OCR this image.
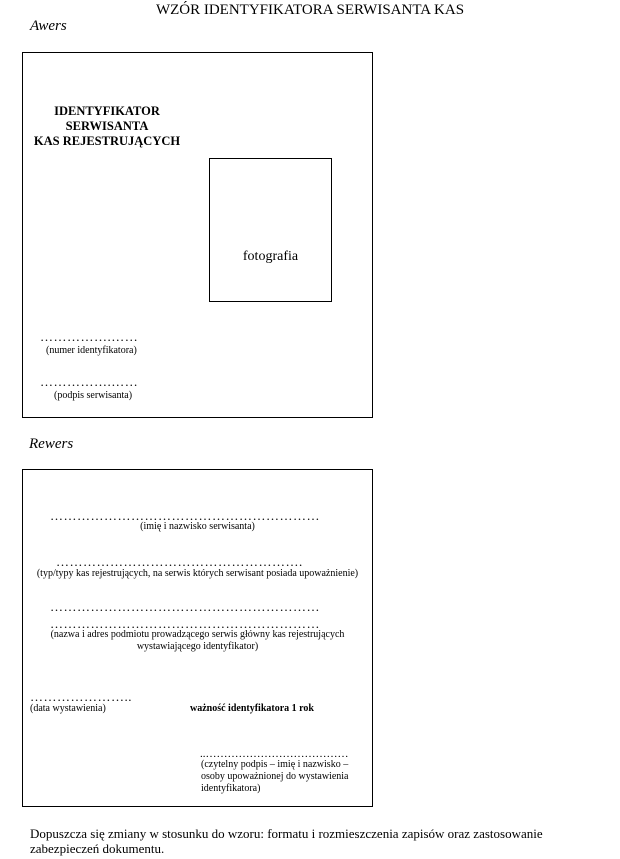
WZÓR IDENTYFIKATORA SERWISANTA KAS
Awers
IDENTYFIKATOR
SERWISANTA
KAS REJESTRUJĄCYCH
fotografia
…………….……
(numer identyfikatora)
…………….……
(podpis serwisanta)
Rewers
……………………………………………………
(imię i nazwisko serwisanta)
……………………………………………….
(typ/typy kas rejestrujących, na serwis których serwisant posiada upoważnienie)
……………………………………………………
……………………………………………………
(nazwa i adres podmiotu prowadzącego serwis główny kas rejestrujących
wystawiającego identyfikator)
…………………..
(data wystawienia)	ważność identyfikatora 1 rok
..…………………………………
(czytelny podpis – imię i nazwisko –
osoby upoważnionej do wystawienia
identyfikatora)
Dopuszcza się zmiany w stosunku do wzoru: formatu i rozmieszczenia zapisów oraz zastosowanie zabezpieczeń dokumentu.
